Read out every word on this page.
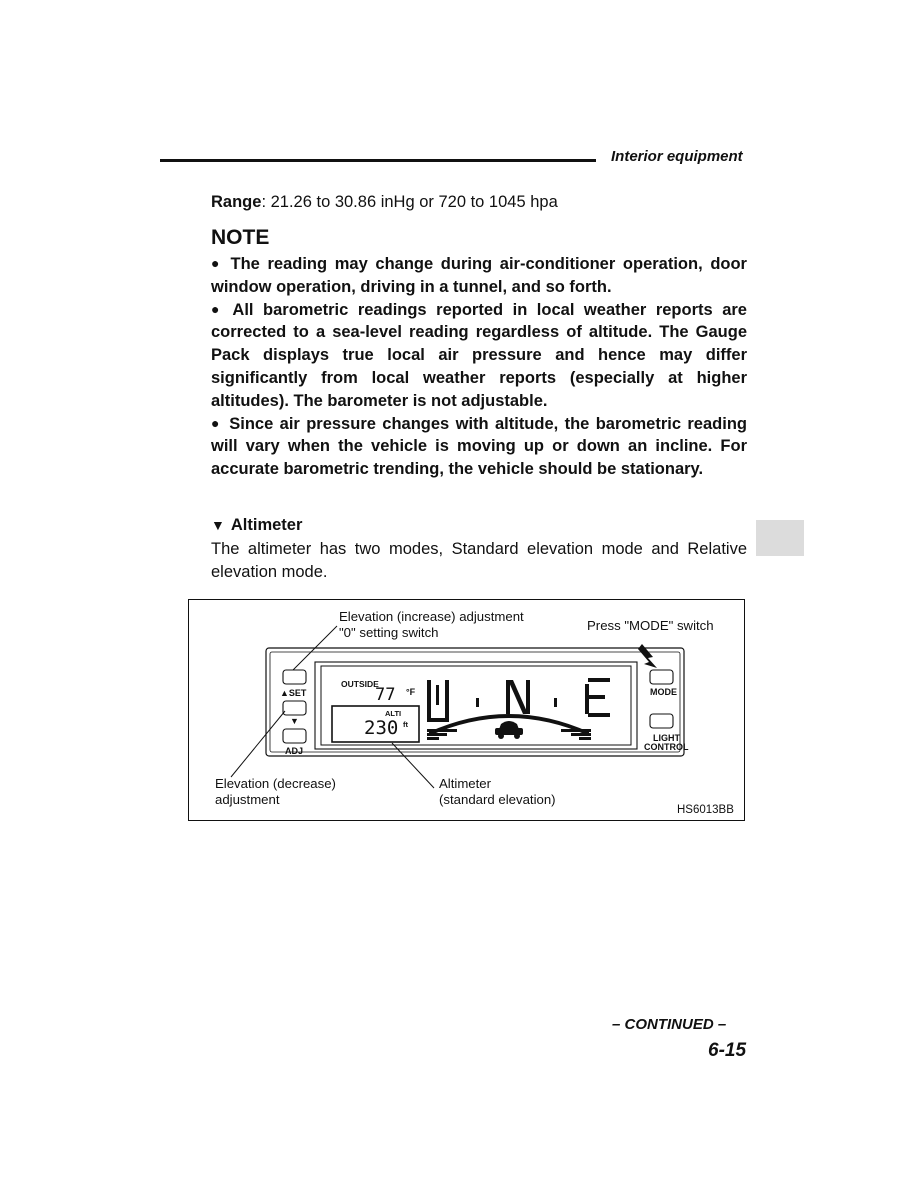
Interior equipment
Range: 21.26 to 30.86 inHg or 720 to 1045 hpa
NOTE

● The reading may change during air-conditioner operation, door window operation, driving in a tunnel, and so forth.

● All barometric readings reported in local weather reports are corrected to a sea-level reading regardless of altitude. The Gauge Pack displays true local air pressure and hence may differ significantly from local weather reports (especially at higher altitudes). The barometer is not adjustable.

● Since air pressure changes with altitude, the barometric reading will vary when the vehicle is moving up or down an incline. For accurate barometric trending, the vehicle should be stationary.

▼ Altimeter
The altimeter has two modes, Standard elevation mode and Relative elevation mode.
Elevation (increase) adjustment
"0" setting switch	Press "MODE" switch
Elevation (decrease)
adjustment
Altimeter
(standard elevation)
▲SET
▼
ADJ
MODE
LIGHT
CONTROL
OUTSIDE
77 °F
ALTI
230 ft
HS6013BB
– CONTINUED –
6-15
